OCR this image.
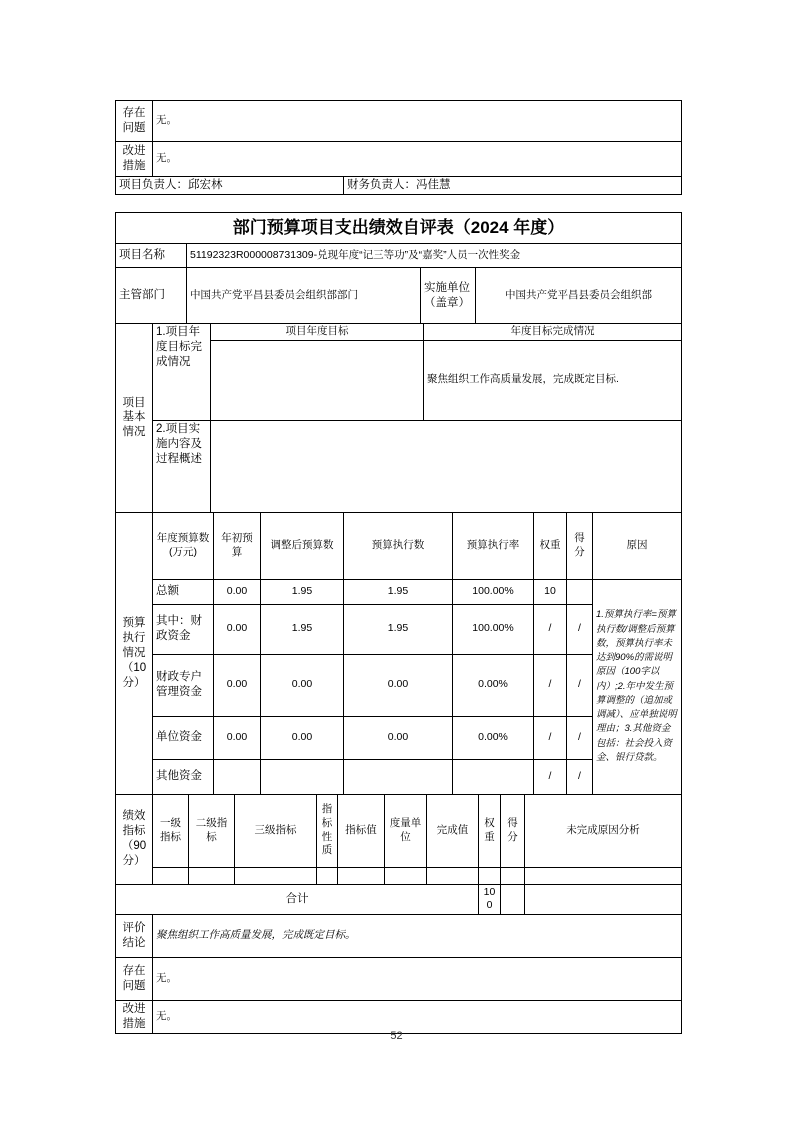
存在问题	无。	
改进措施	无。	
项目负责人：邱宏林		财务负责人：冯佳慧
部门预算项目支出绩效自评表（2024 年度）			
项目名称	51192323R000008731309-兑现年度“记三等功”及“嘉奖”人员一次性奖金		
主管部门	中国共产党平昌县委员会组织部部门	实施单位（盖章）	中国共产党平昌县委员会组织部
项目基本情况	1.项目年度目标完成情况	项目年度目标	年度目标完成情况
			聚焦组织工作高质量发展，完成既定目标.
	2.项目实施内容及过程概述		
预算执行情况（10分）	年度预算数(万元)	年初预算	调整后预算数	预算执行数	预算执行率	权重	得分	原因
	总额	0.00	1.95	1.95	100.00%	10		1.预算执行率=预算执行数/调整后预算数，预算执行率未达到90%的需说明原因（100字以内）;2.年中发生预算调整的（追加或调减）、应单独说明理由；3.其他资金包括：社会投入资金、银行贷款。
	其中：财政资金	0.00	1.95	1.95	100.00%	/	/	
	财政专户管理资金	0.00	0.00	0.00	0.00%	/	/	
	单位资金	0.00	0.00	0.00	0.00%	/	/	
	其他资金					/	/	
绩效指标（90分）	一级指标	二级指标	三级指标	指标性质	指标值	度量单位	完成值	权重	得分	未完成原因分析

合计	100		
评价结论	聚焦组织工作高质量发展，完成既定目标。
存在问题	无。
改进措施	无。
52
